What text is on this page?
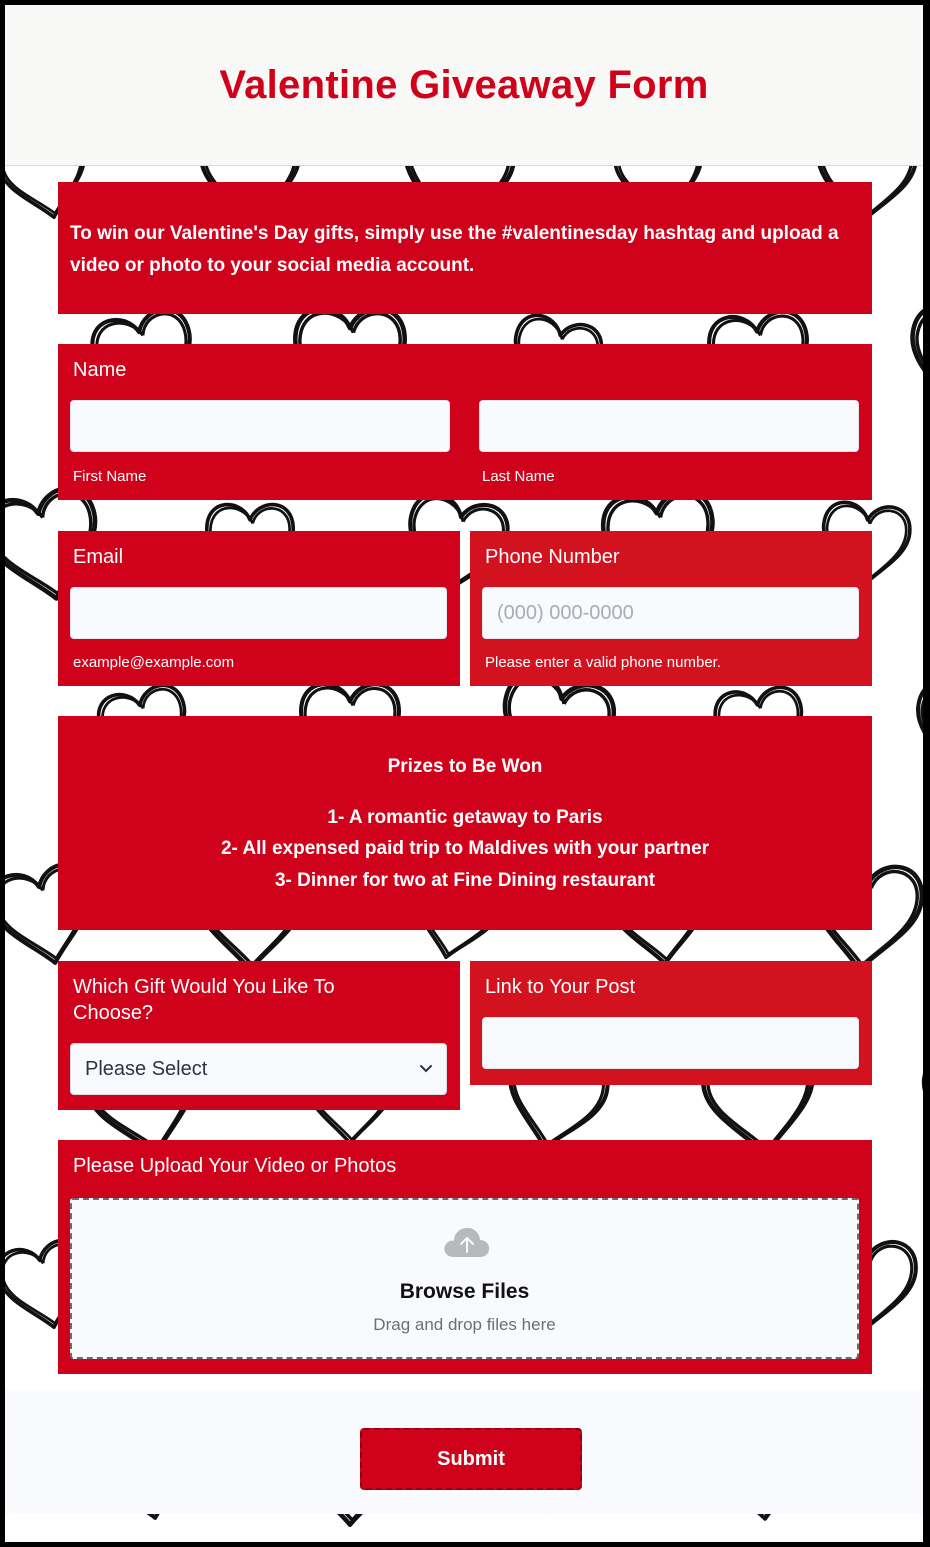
Valentine Giveaway Form

To win our Valentine's Day gifts, simply use the #valentinesday hashtag and upload a video or photo to your social media account.

Name
First Name	Last Name
Email
example@example.com
Phone Number
(000) 000-0000
Please enter a valid phone number.
Prizes to Be Won
1- A romantic getaway to Paris
2- All expensed paid trip to Maldives with your partner
3- Dinner for two at Fine Dining restaurant
Which Gift Would You Like To
Choose?
Please Select
Link to Your Post
Please Upload Your Video or Photos
Browse Files
Drag and drop files here
Submit
